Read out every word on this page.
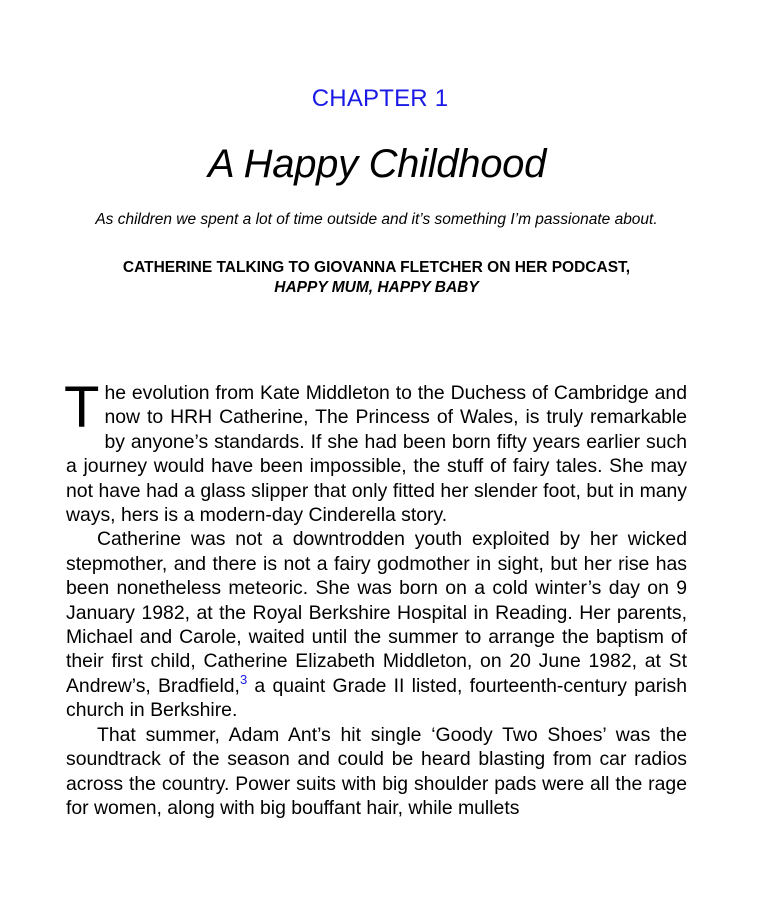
CHAPTER 1
A Happy Childhood
As children we spent a lot of time outside and it’s something I’m passionate about.
CATHERINE TALKING TO GIOVANNA FLETCHER ON HER PODCAST,
HAPPY MUM, HAPPY BABY

The evolution from Kate Middleton to the Duchess of Cambridge and now to HRH Catherine, The Princess of Wales, is truly remarkable by anyone’s standards. If she had been born fifty years earlier such a journey would have been impossible, the stuff of fairy tales. She may not have had a glass slipper that only fitted her slender foot, but in many ways, hers is a modern-day Cinderella story.

Catherine was not a downtrodden youth exploited by her wicked stepmother, and there is not a fairy godmother in sight, but her rise has been nonetheless meteoric. She was born on a cold winter’s day on 9 January 1982, at the Royal Berkshire Hospital in Reading. Her parents, Michael and Carole, waited until the summer to arrange the baptism of their first child, Catherine Elizabeth Middleton, on 20 June 1982, at St Andrew’s, Bradfield,$^3$ a quaint Grade II listed, fourteenth-century parish church in Berkshire.

That summer, Adam Ant’s hit single ‘Goody Two Shoes’ was the soundtrack of the season and could be heard blasting from car radios across the country. Power suits with big shoulder pads were all the rage for women, along with big bouffant hair, while mullets
